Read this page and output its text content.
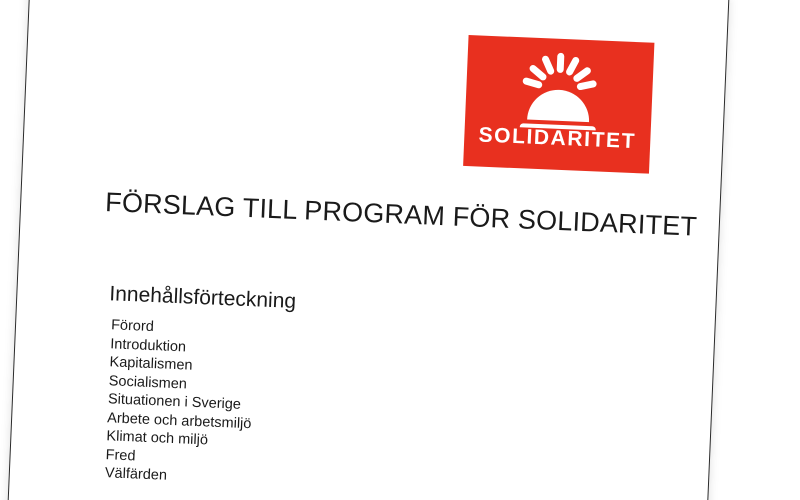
SOLIDARITET
FÖRSLAG TILL PROGRAM FÖR SOLIDARITET
Innehållsförteckning
Förord
Introduktion
Kapitalismen
Socialismen
Situationen i Sverige
Arbete och arbetsmiljö
Klimat och miljö
Fred
Välfärden
